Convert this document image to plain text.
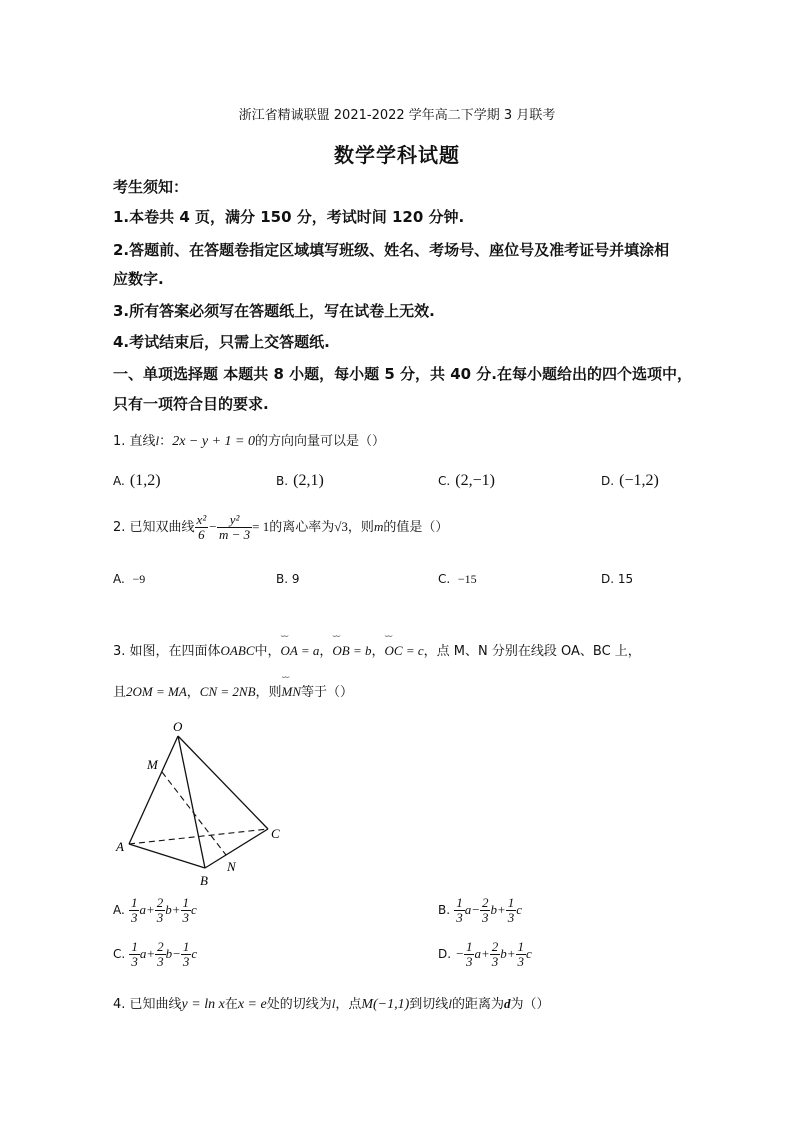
浙江省精诚联盟 2021-2022 学年高二下学期 3 月联考
数学学科试题
考生须知：
1.本卷共 4 页，满分 150 分，考试时间 120 分钟.
2.答题前、在答题卷指定区域填写班级、姓名、考场号、座位号及准考证号并填涂相
应数字.
3.所有答案必须写在答题纸上，写在试卷上无效.
4.考试结束后，只需上交答题纸.
一、单项选择题 本题共 8 小题，每小题 5 分，共 40 分.在每小题给出的四个选项中，
只有一项符合目的要求.
1. 直线l：2x − y + 1 = 0的方向向量可以是（）
A. (1,2)	B. (2,1)	C. (2,−1)	D. (−1,2)
2. 已知双曲线 $\frac{\text{x²}}{6} - \frac{\text{y²}}{m - 3} = 1$的离心率为√3，则m的值是（）
A. −9	B. 9	C. −15	D. 15
3. 如图，在四面体OABC中，⌣⌣ OA = a，⌣⌣ OB = b，⌣⌣ OC = c，点 M、N 分别在线段 OA、BC 上，
且2OM = MA，CN = 2NB，则⌣⌣ MN等于（）
O
M
A
B
C
N
A. $\frac{1}{3} a+ \frac{2}{3} b+ \frac{1}{3}$ c	B. $\frac{1}{3} a- \frac{2}{3} b+ \frac{1}{3}$ c
C. $\frac{1}{3} a+ \frac{2}{3} b- \frac{1}{3}$ c	D. − $\frac{1}{3} a+ \frac{2}{3} b+ \frac{1}{3}$ c
4. 已知曲线y = ln x在x = e处的切线为l，点M(−1,1)到切线l的距离为d为（）
